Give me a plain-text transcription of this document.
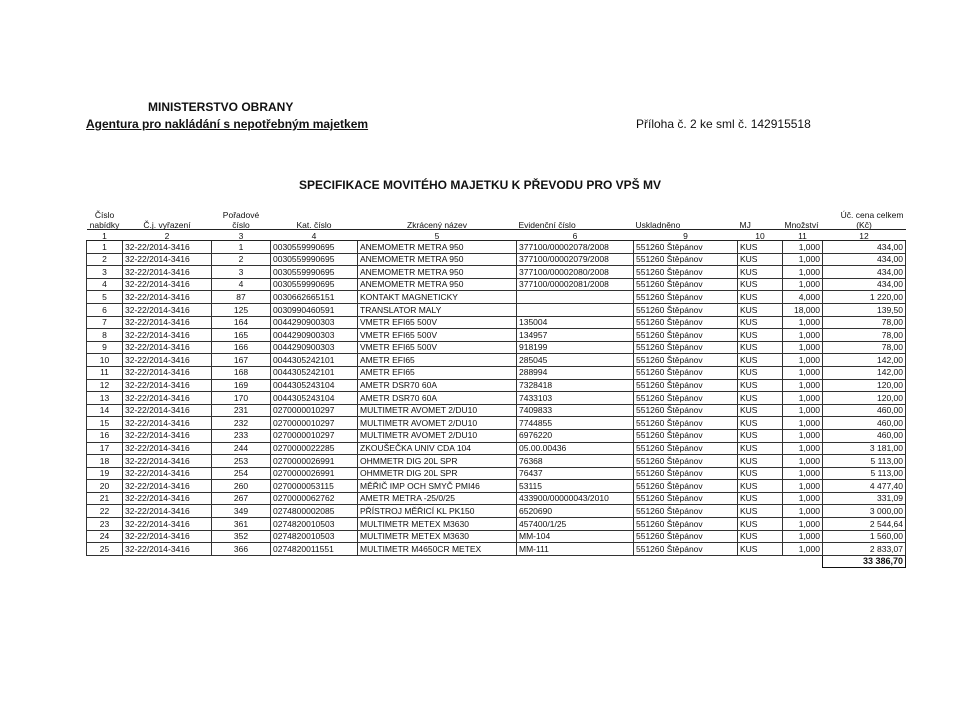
MINISTERSTVO OBRANY
Agentura pro nakládání s nepotřebným majetkem	Příloha č. 2 ke sml č. 142915518
SPECIFIKACE MOVITÉHO MAJETKU K PŘEVODU PRO VPŠ MV
Číslo		Pořadové							Úč. cena celkem
nabídky	Č.j. vyřazení	číslo	Kat. číslo	Zkrácený název	Evidenční číslo	Uskladněno	MJ	Množství	(Kč)
1	2	3	4	5	6	9	10	11	12
1	32-22/2014-3416	1	0030559990695	ANEMOMETR METRA 950	377100/00002078/2008	551260 Štěpánov	KUS	1,000	434,00
2	32-22/2014-3416	2	0030559990695	ANEMOMETR METRA 950	377100/00002079/2008	551260 Štěpánov	KUS	1,000	434,00
3	32-22/2014-3416	3	0030559990695	ANEMOMETR METRA 950	377100/00002080/2008	551260 Štěpánov	KUS	1,000	434,00
4	32-22/2014-3416	4	0030559990695	ANEMOMETR METRA 950	377100/00002081/2008	551260 Štěpánov	KUS	1,000	434,00
5	32-22/2014-3416	87	0030662665151	KONTAKT MAGNETICKY		551260 Štěpánov	KUS	4,000	1 220,00
6	32-22/2014-3416	125	0030990460591	TRANSLATOR MALY		551260 Štěpánov	KUS	18,000	139,50
7	32-22/2014-3416	164	0044290900303	VMETR EFI65 500V	135004	551260 Štěpánov	KUS	1,000	78,00
8	32-22/2014-3416	165	0044290900303	VMETR EFI65 500V	134957	551260 Štěpánov	KUS	1,000	78,00
9	32-22/2014-3416	166	0044290900303	VMETR EFI65 500V	918199	551260 Štěpánov	KUS	1,000	78,00
10	32-22/2014-3416	167	0044305242101	AMETR EFI65	285045	551260 Štěpánov	KUS	1,000	142,00
11	32-22/2014-3416	168	0044305242101	AMETR EFI65	288994	551260 Štěpánov	KUS	1,000	142,00
12	32-22/2014-3416	169	0044305243104	AMETR DSR70 60A	7328418	551260 Štěpánov	KUS	1,000	120,00
13	32-22/2014-3416	170	0044305243104	AMETR DSR70 60A	7433103	551260 Štěpánov	KUS	1,000	120,00
14	32-22/2014-3416	231	0270000010297	MULTIMETR AVOMET 2/DU10	7409833	551260 Štěpánov	KUS	1,000	460,00
15	32-22/2014-3416	232	0270000010297	MULTIMETR AVOMET 2/DU10	7744855	551260 Štěpánov	KUS	1,000	460,00
16	32-22/2014-3416	233	0270000010297	MULTIMETR AVOMET 2/DU10	6976220	551260 Štěpánov	KUS	1,000	460,00
17	32-22/2014-3416	244	0270000022285	ZKOUŠEČKA UNIV CDA 104	05.00.00436	551260 Štěpánov	KUS	1,000	3 181,00
18	32-22/2014-3416	253	0270000026991	OHMMETR DIG 20L SPR	76368	551260 Štěpánov	KUS	1,000	5 113,00
19	32-22/2014-3416	254	0270000026991	OHMMETR DIG 20L SPR	76437	551260 Štěpánov	KUS	1,000	5 113,00
20	32-22/2014-3416	260	0270000053115	MĚŘIČ IMP OCH SMYČ PMI46	53115	551260 Štěpánov	KUS	1,000	4 477,40
21	32-22/2014-3416	267	0270000062762	AMETR METRA -25/0/25	433900/00000043/2010	551260 Štěpánov	KUS	1,000	331,09
22	32-22/2014-3416	349	0274800002085	PŘÍSTROJ MĚŘICÍ KL PK150	6520690	551260 Štěpánov	KUS	1,000	3 000,00
23	32-22/2014-3416	361	0274820010503	MULTIMETR METEX M3630	457400/1/25	551260 Štěpánov	KUS	1,000	2 544,64
24	32-22/2014-3416	352	0274820010503	MULTIMETR METEX M3630	MM-104	551260 Štěpánov	KUS	1,000	1 560,00
25	32-22/2014-3416	366	0274820011551	MULTIMETR M4650CR METEX	MM-111	551260 Štěpánov	KUS	1,000	2 833,07
									33 386,70
